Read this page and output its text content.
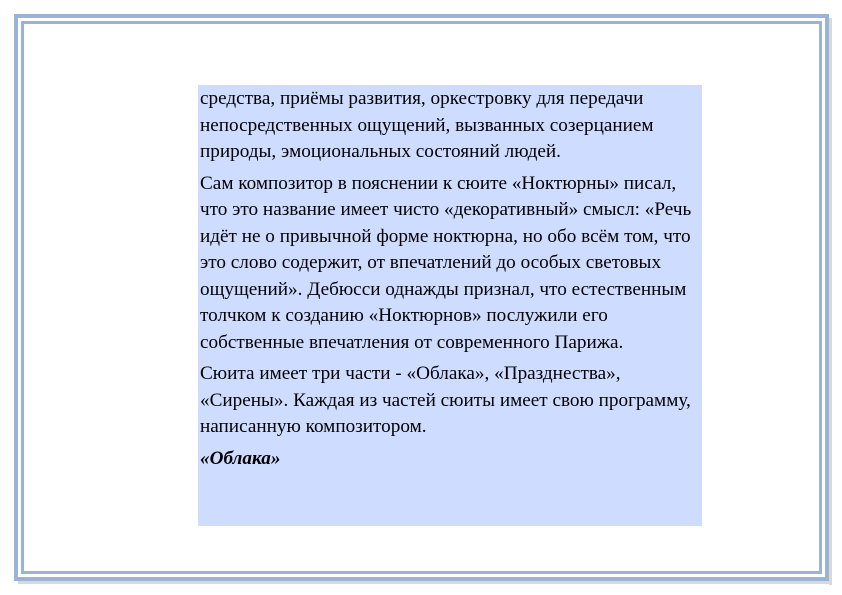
средства, приёмы развития, оркестровку для передачи непосредственных ощущений, вызванных созерцанием природы, эмоциональных состояний людей.

Сам композитор в пояснении к сюите «Ноктюрны» писал, что это название имеет чисто «декоративный» смысл: «Речь идёт не о привычной форме ноктюрна, но обо всём том, что это слово содержит, от впечатлений до особых световых ощущений». Дебюсси однажды признал, что естественным толчком к созданию «Ноктюрнов» послужили его собственные впечатления от современного Парижа.

Сюита имеет три части - «Облака», «Празднества», «Сирены». Каждая из частей сюиты имеет свою программу, написанную композитором.

«Облака»
